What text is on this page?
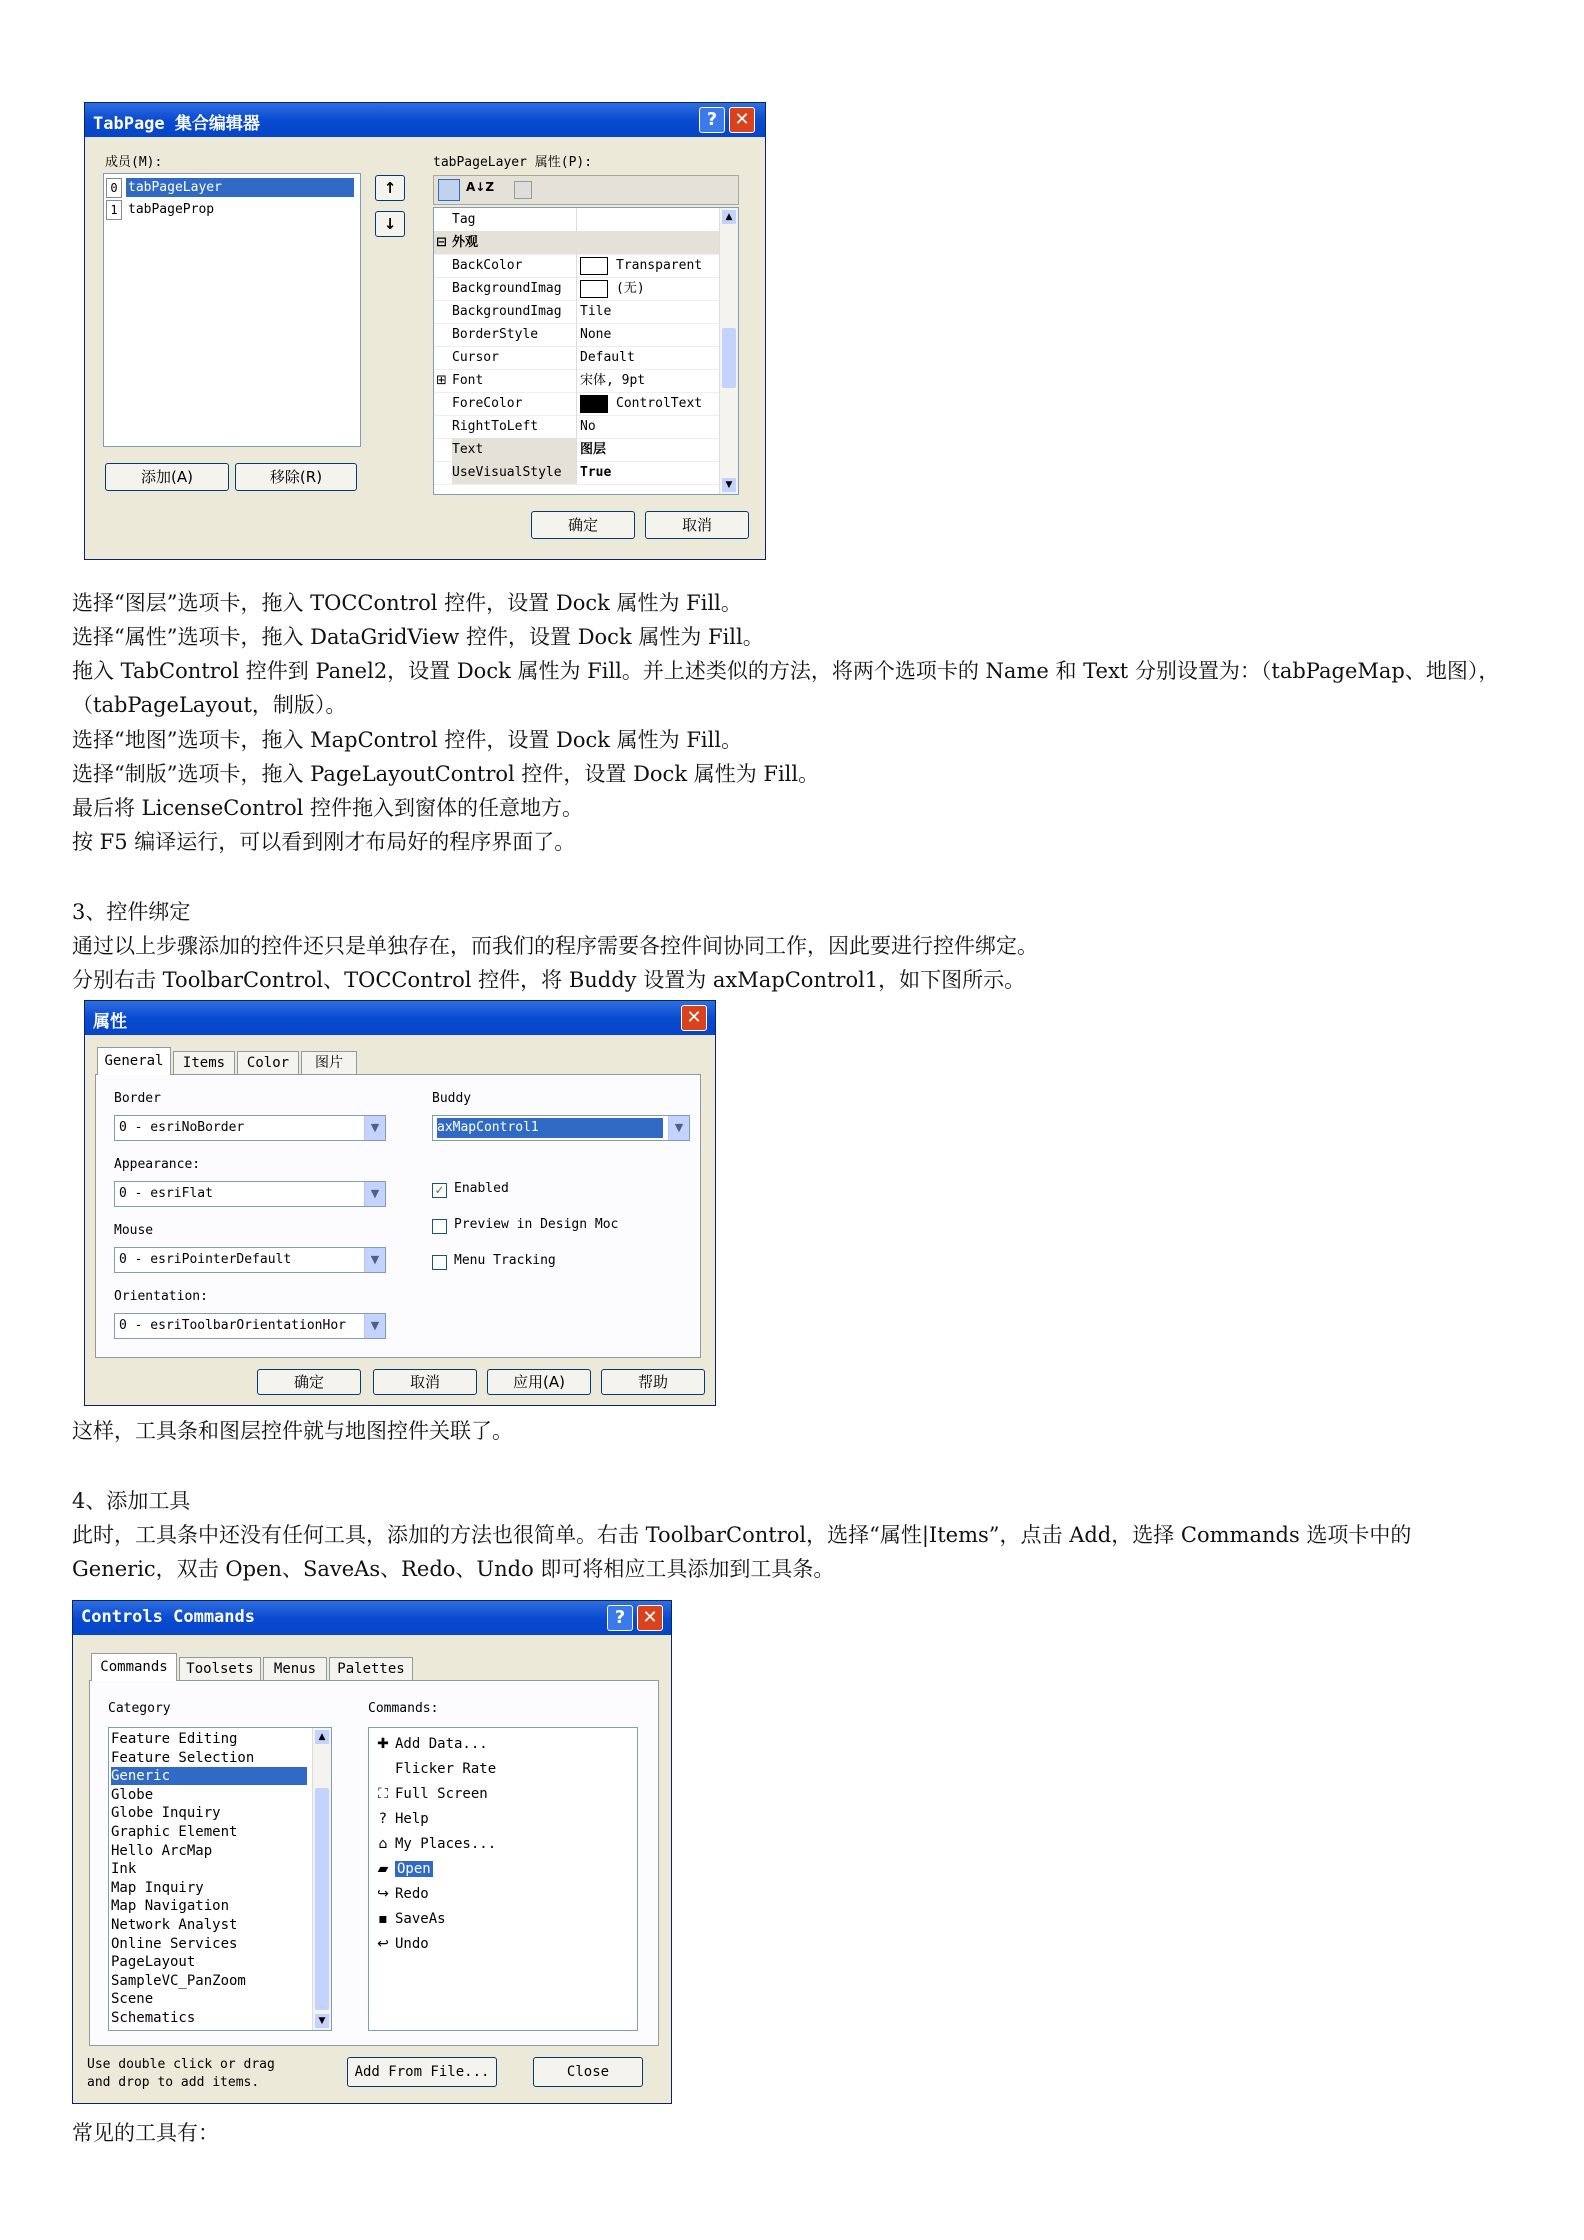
TabPage 集合编辑器	? ✕
成员(M):
0 tabPageLayer
1 tabPageProp
↑
↓
添加(A)	移除(R)
tabPageLayer 属性(P):
A↓Z
Tag
⊟ 外观
BackColor	Transparent
BackgroundImag	(无)
BackgroundImag	Tile
BorderStyle	None
Cursor	Default
⊞ Font	宋体, 9pt
ForeColor	ControlText
RightToLeft	No
Text	图层
UseVisualStyle	True
▲
▼
确定	取消

选择“图层”选项卡，拖入 TOCControl 控件，设置 Dock 属性为 Fill。

选择“属性”选项卡，拖入 DataGridView 控件，设置 Dock 属性为 Fill。

拖入 TabControl 控件到 Panel2，设置 Dock 属性为 Fill。并上述类似的方法，将两个选项卡的 Name 和 Text 分别设置为：（tabPageMap、地图），（tabPageLayout，制版）。

选择“地图”选项卡，拖入 MapControl 控件，设置 Dock 属性为 Fill。

选择“制版”选项卡，拖入 PageLayoutControl 控件，设置 Dock 属性为 Fill。

最后将 LicenseControl 控件拖入到窗体的任意地方。

按 F5 编译运行，可以看到刚才布局好的程序界面了。

3、控件绑定

通过以上步骤添加的控件还只是单独存在，而我们的程序需要各控件间协同工作，因此要进行控件绑定。

分别右击 ToolbarControl、TOCControl 控件，将 Buddy 设置为 axMapControl1，如下图所示。

属性	✕
General	Items	Color	图片
Border
0 - esriNoBorder	▼
Appearance:
0 - esriFlat	▼
Mouse
0 - esriPointerDefault	▼
Orientation:
0 - esriToolbarOrientationHor	▼
Buddy
axMapControl1	▼
✓ Enabled
Preview in Design Moc
Menu Tracking
确定	取消	应用(A)	帮助

这样，工具条和图层控件就与地图控件关联了。

4、添加工具

此时，工具条中还没有任何工具，添加的方法也很简单。右击 ToolbarControl，选择“属性|Items”，点击 Add，选择 Commands 选项卡中的 Generic，双击 Open、SaveAs、Redo、Undo 即可将相应工具添加到工具条。

Controls Commands	? ✕
Commands	Toolsets	Menus	Palettes
Category
Feature Editing
Feature Selection
Generic
Globe
Globe Inquiry
Graphic Element
Hello ArcMap
Ink
Map Inquiry
Map Navigation
Network Analyst
Online Services
PageLayout
SampleVC_PanZoom
Scene
Schematics
▲
▼
Commands:
✚ Add Data...
Flicker Rate
⛶ Full Screen
? Help
⌂ My Places...
▰ Open
↪ Redo
▪ SaveAs
↩ Undo
Use double click or drag
and drop to add items.
Add From File...	Close

常见的工具有：
